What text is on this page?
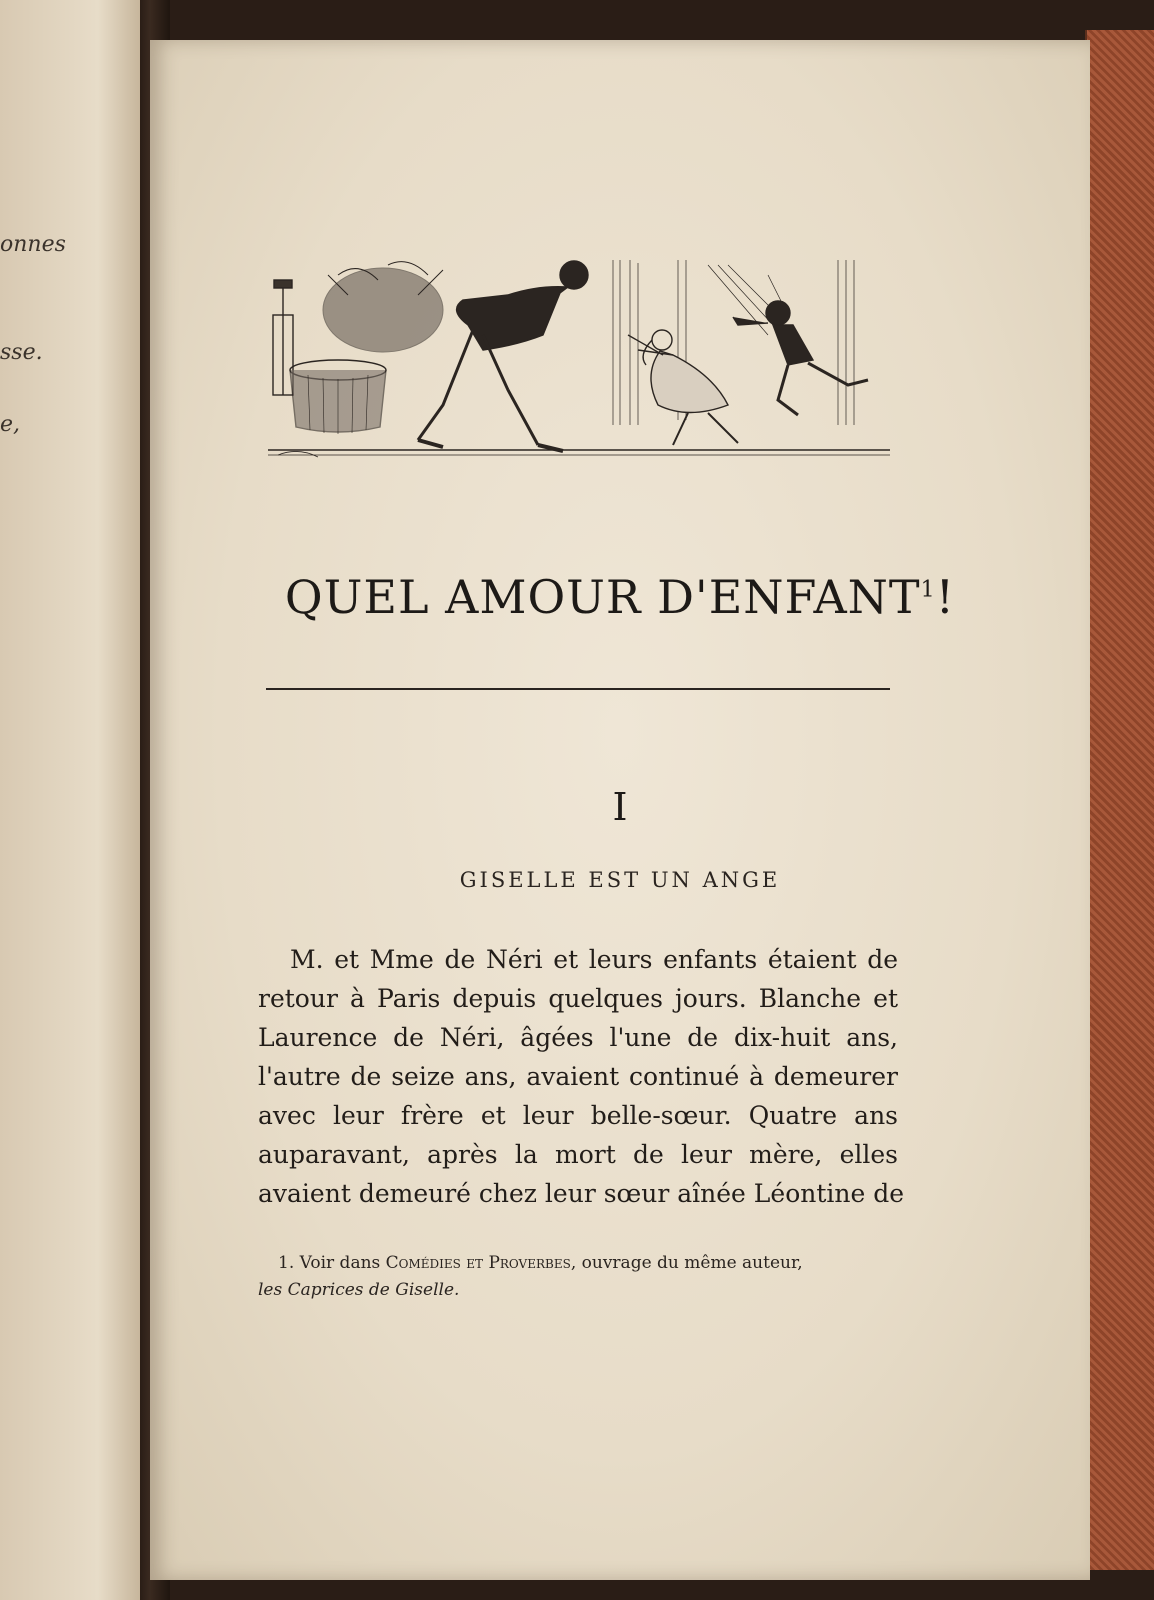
onnes
sse.
e,
QUEL AMOUR D'ENFANT$^1$!
I
GISELLE EST UN ANGE
M. et Mme de Néri et leurs enfants étaient de
retour à Paris depuis quelques jours. Blanche et
Laurence de Néri, âgées l'une de dix-huit ans,
l'autre de seize ans, avaient continué à demeurer
avec leur frère et leur belle-sœur. Quatre ans
auparavant, après la mort de leur mère, elles
avaient demeuré chez leur sœur aînée Léontine de
1. Voir dans Comédies et Proverbes, ouvrage du même auteur,
les Caprices de Giselle.
